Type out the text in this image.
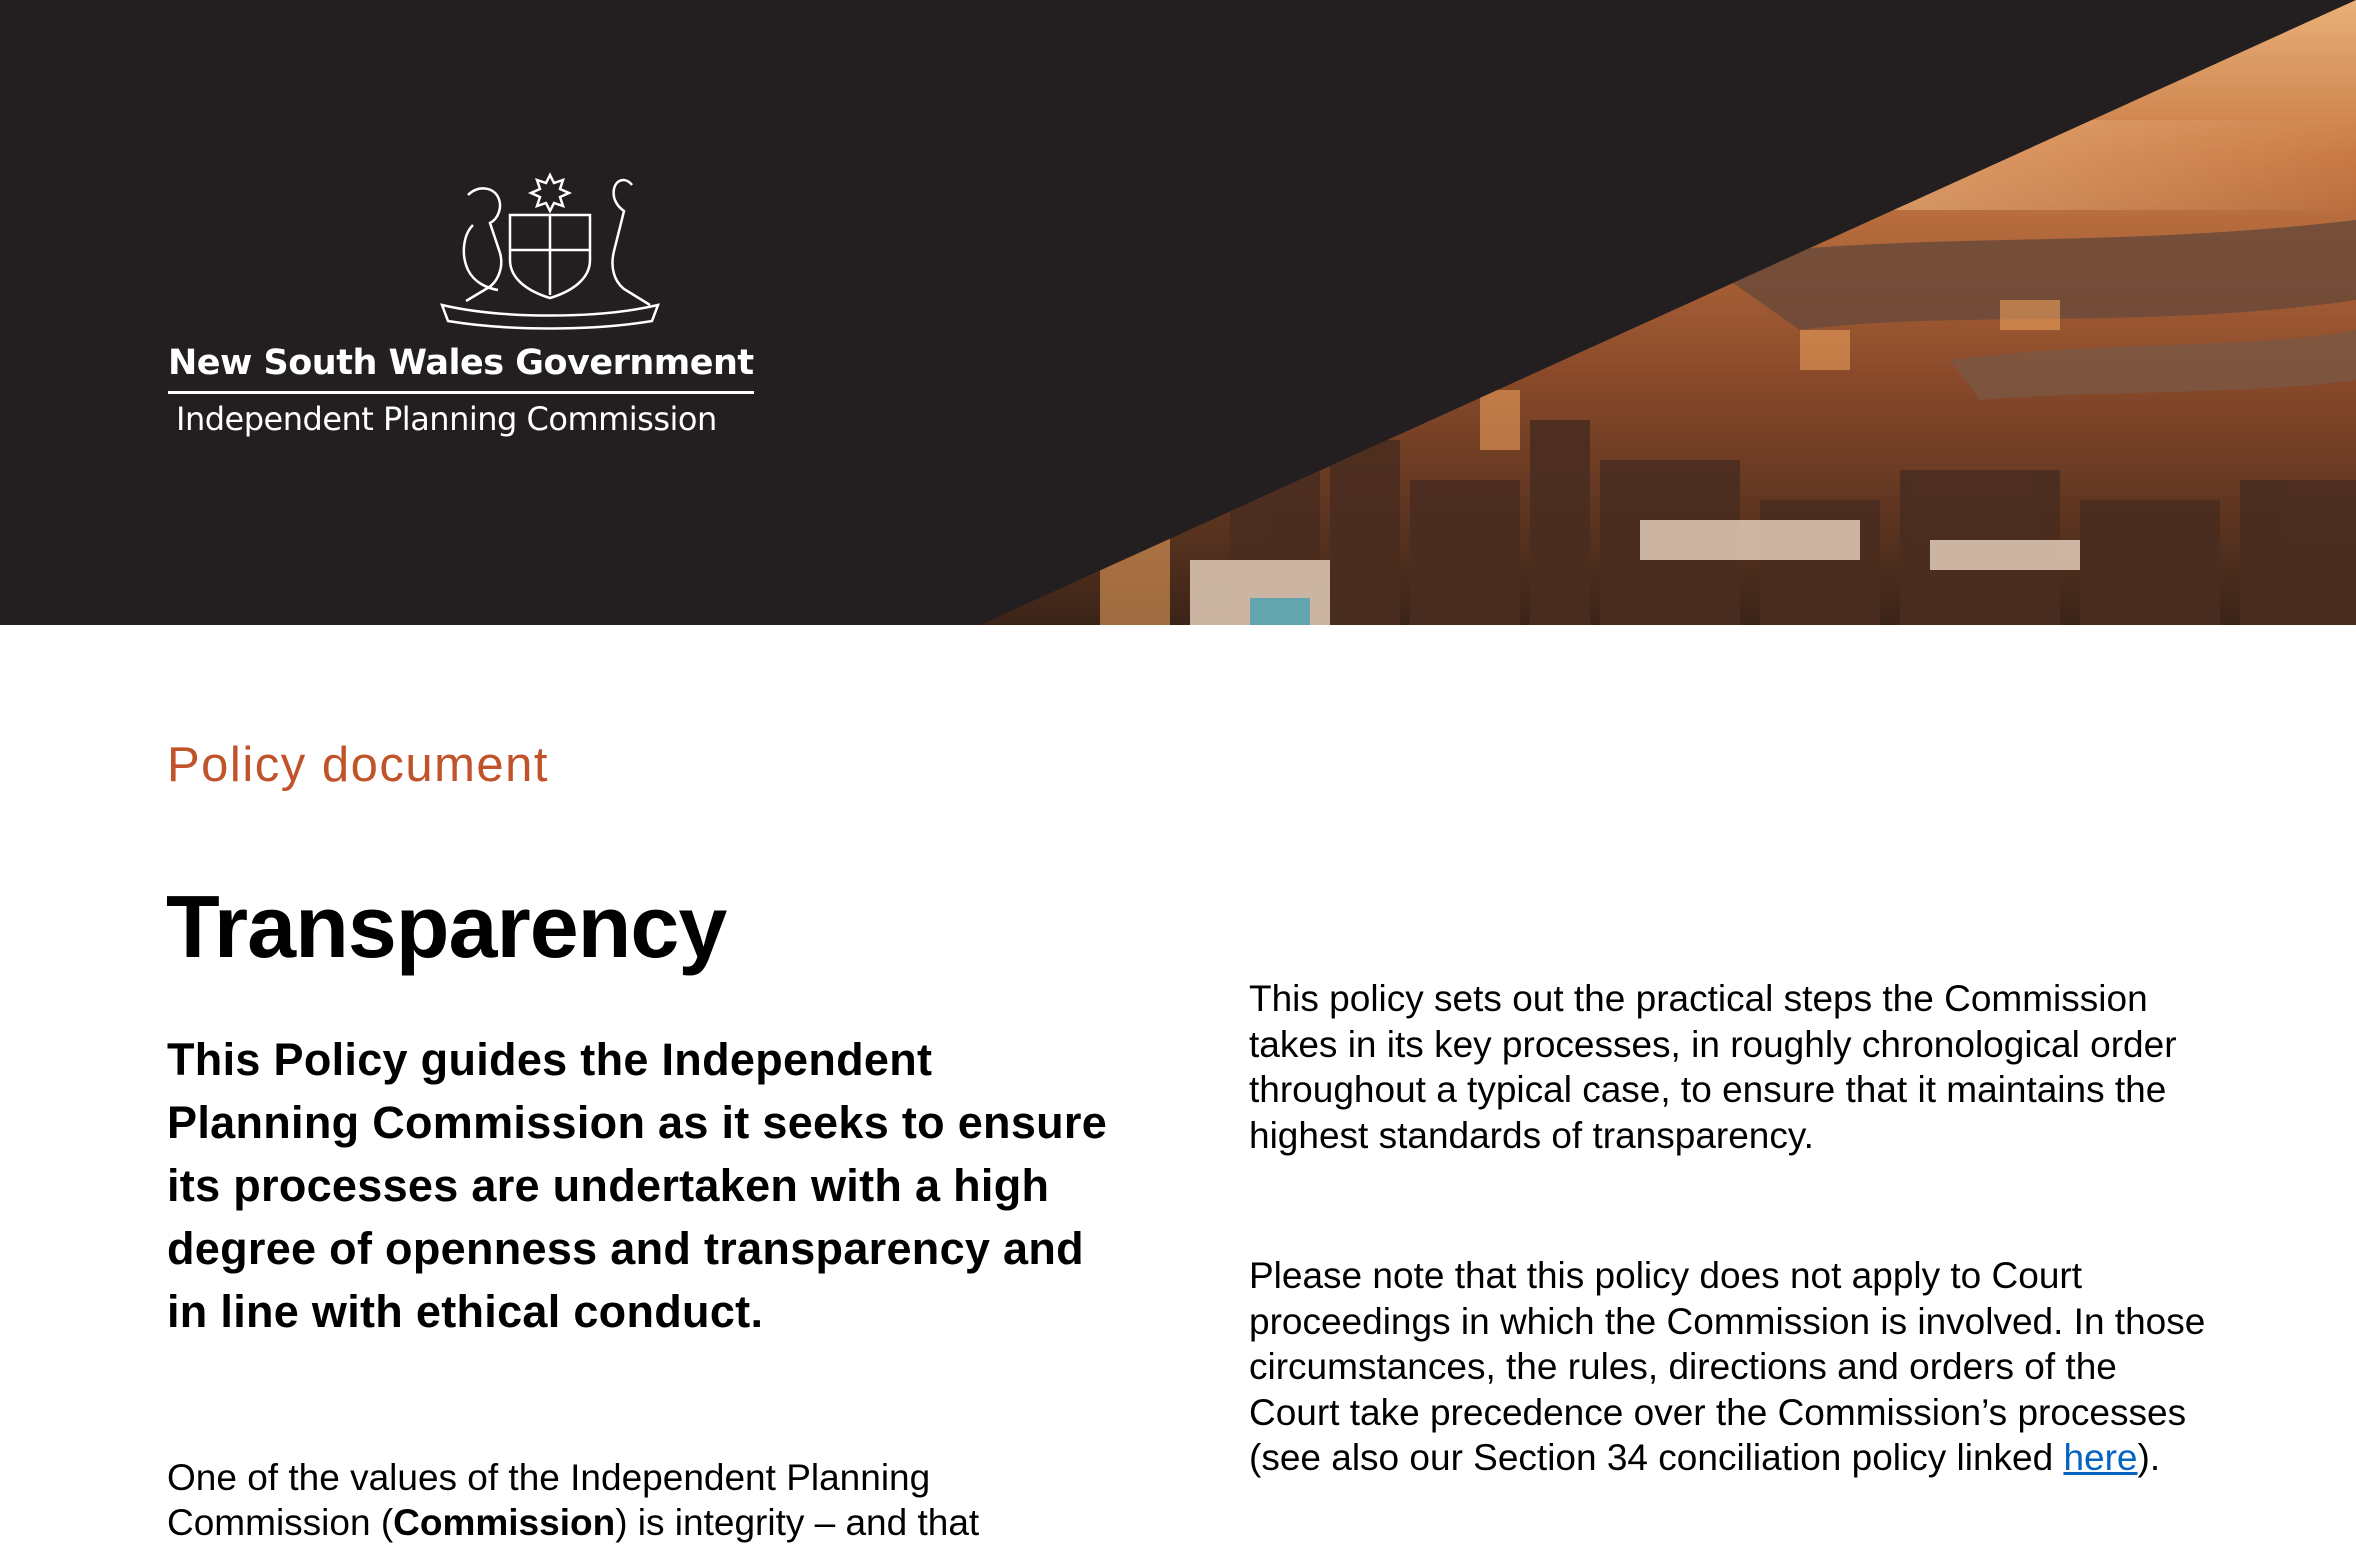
New South Wales Government
Independent Planning Commission
Policy document
Transparency

This Policy guides the Independent Planning Commission as it seeks to ensure its processes are undertaken with a high degree of openness and transparency and in line with ethical conduct.

One of the values of the Independent Planning Commission (Commission) is integrity – and that

This policy sets out the practical steps the Commission takes in its key processes, in roughly chronological order throughout a typical case, to ensure that it maintains the highest standards of transparency.

Please note that this policy does not apply to Court proceedings in which the Commission is involved. In those circumstances, the rules, directions and orders of the Court take precedence over the Commission’s processes (see also our Section 34 conciliation policy linked here).
